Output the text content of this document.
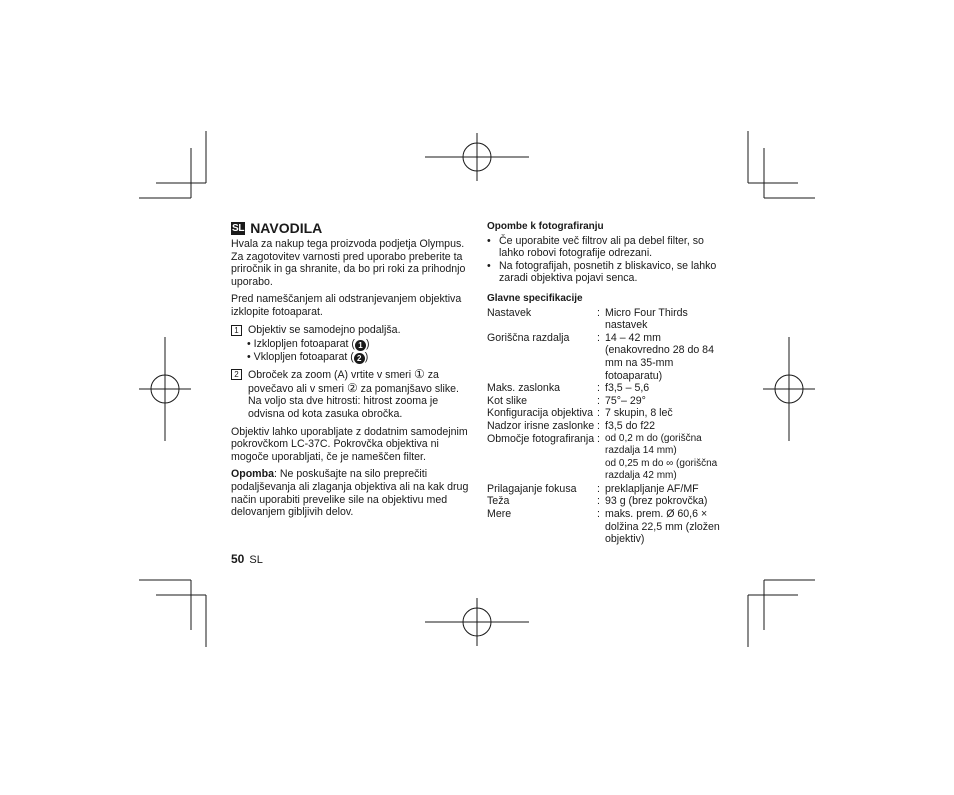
SL NAVODILA

Hvala za nakup tega proizvoda podjetja Olympus. Za zagotovitev varnosti pred uporabo preberite ta priročnik in ga shranite, da bo pri roki za prihodnjo uporabo.

Pred nameščanjem ali odstranjevanjem objektiva izklopite fotoaparat.

1 Objektiv se samodejno podaljša.
• Izklopljen fotoaparat ( 1 )
• Vklopljen fotoaparat ( 2 )
2 Obroček za zoom (A) vrtite v smeri ① za povečavo ali v smeri ② za pomanjšavo slike. Na voljo sta dve hitrosti: hitrost zooma je odvisna od kota zasuka obročka.

Objektiv lahko uporabljate z dodatnim samodejnim pokrovčkom LC-37C. Pokrovčka objektiva ni mogoče uporabljati, če je nameščen filter.

Opomba: Ne poskušajte na silo preprečiti podaljševanja ali zlaganja objektiva ali na kak drug način uporabiti prevelike sile na objektivu med delovanjem gibljivih delov.

Opombe k fotografiranju
• Če uporabite več filtrov ali pa debel filter, so lahko robovi fotografije odrezani.
• Na fotografijah, posnetih z bliskavico, se lahko zaradi objektiva pojavi senca.
Glavne specifikacije
Nastavek	: Micro Four Thirds nastavek
Goriščna razdalja	: 14 – 42 mm (enakovredno 28 do 84 mm na 35-mm fotoaparatu)
Maks. zaslonka	: f3,5 – 5,6
Kot slike	: 75°– 29°
Konfiguracija objektiva : 7 skupin, 8 leč
Nadzor irisne zaslonke : f3,5 do f22
Območje fotografiranja : od 0,2 m do (goriščna razdalja 14 mm)
od 0,25 m do ∞ (goriščna razdalja 42 mm)
Prilagajanje fokusa	: preklapljanje AF/MF
Teža	: 93 g (brez pokrovčka)
Mere	: maks. prem. Ø 60,6 × dolžina 22,5 mm (zložen objektiv)
50 SL
